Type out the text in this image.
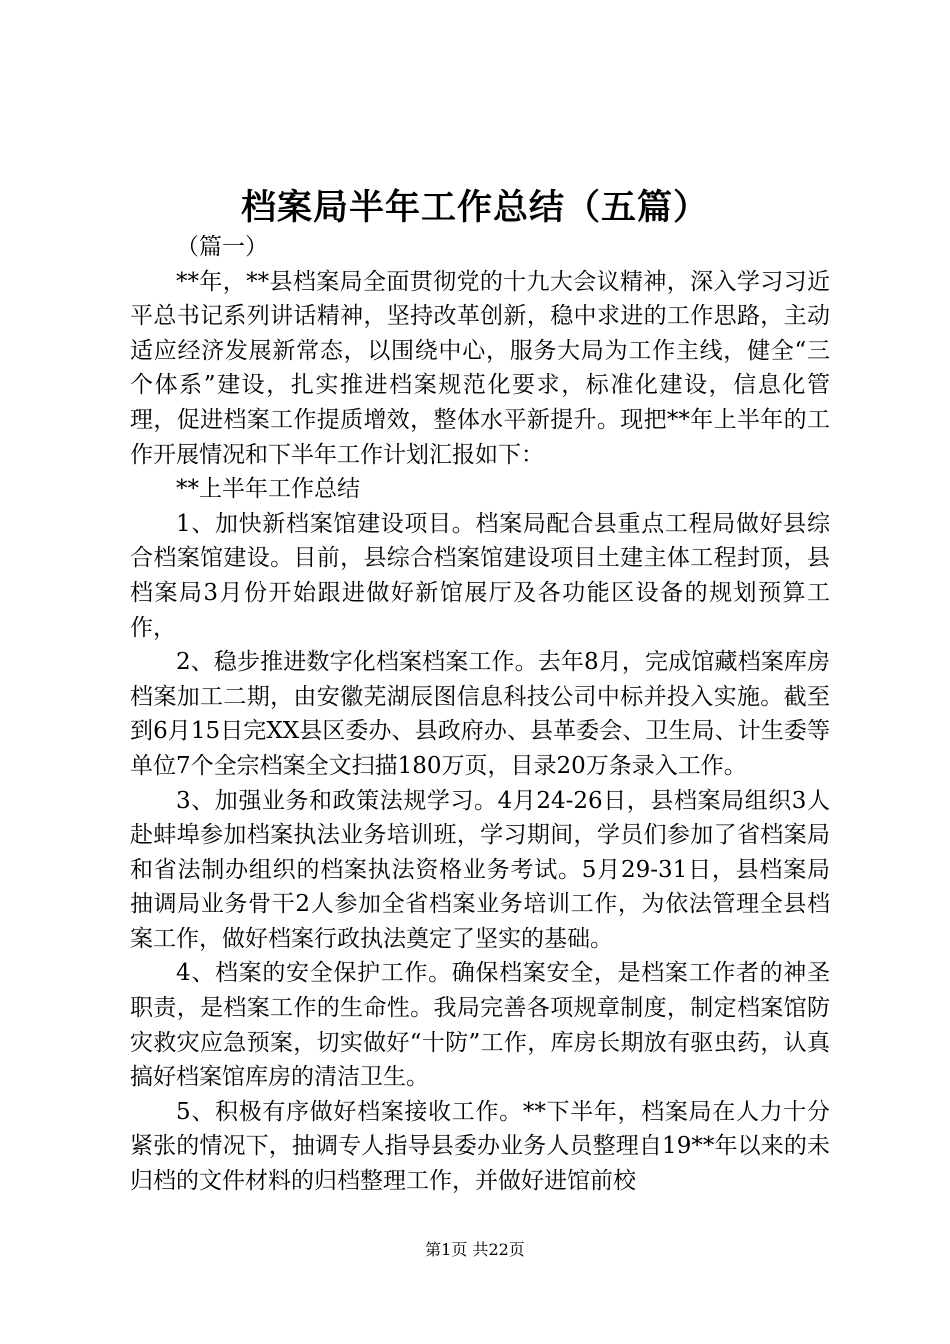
档案局半年工作总结（五篇）

（篇一）

**年，**县档案局全面贯彻党的十九大会议精神，深入学习习近平总书记系列讲话精神，坚持改革创新，稳中求进的工作思路，主动适应经济发展新常态，以围绕中心，服务大局为工作主线，健全“三个体系”建设，扎实推进档案规范化要求，标准化建设，信息化管理，促进档案工作提质增效，整体水平新提升。现把**年上半年的工作开展情况和下半年工作计划汇报如下：

**上半年工作总结

1、加快新档案馆建设项目。档案局配合县重点工程局做好县综合档案馆建设。目前，县综合档案馆建设项目土建主体工程封顶，县档案局3月份开始跟进做好新馆展厅及各功能区设备的规划预算工作，

2、稳步推进数字化档案档案工作。去年8月，完成馆藏档案库房档案加工二期，由安徽芜湖辰图信息科技公司中标并投入实施。截至到6月15日完XX县区委办、县政府办、县革委会、卫生局、计生委等单位7个全宗档案全文扫描180万页，目录20万条录入工作。

3、加强业务和政策法规学习。4月24-26日，县档案局组织3人赴蚌埠参加档案执法业务培训班，学习期间，学员们参加了省档案局和省法制办组织的档案执法资格业务考试。5月29-31日，县档案局抽调局业务骨干2人参加全省档案业务培训工作，为依法管理全县档案工作，做好档案行政执法奠定了坚实的基础。

4、档案的安全保护工作。确保档案安全，是档案工作者的神圣职责，是档案工作的生命性。我局完善各项规章制度，制定档案馆防灾救灾应急预案，切实做好“十防”工作，库房长期放有驱虫药，认真搞好档案馆库房的清洁卫生。

5、积极有序做好档案接收工作。**下半年，档案局在人力十分紧张的情况下，抽调专人指导县委办业务人员整理自19**年以来的未归档的文件材料的归档整理工作，并做好进馆前校

第1页 共22页
